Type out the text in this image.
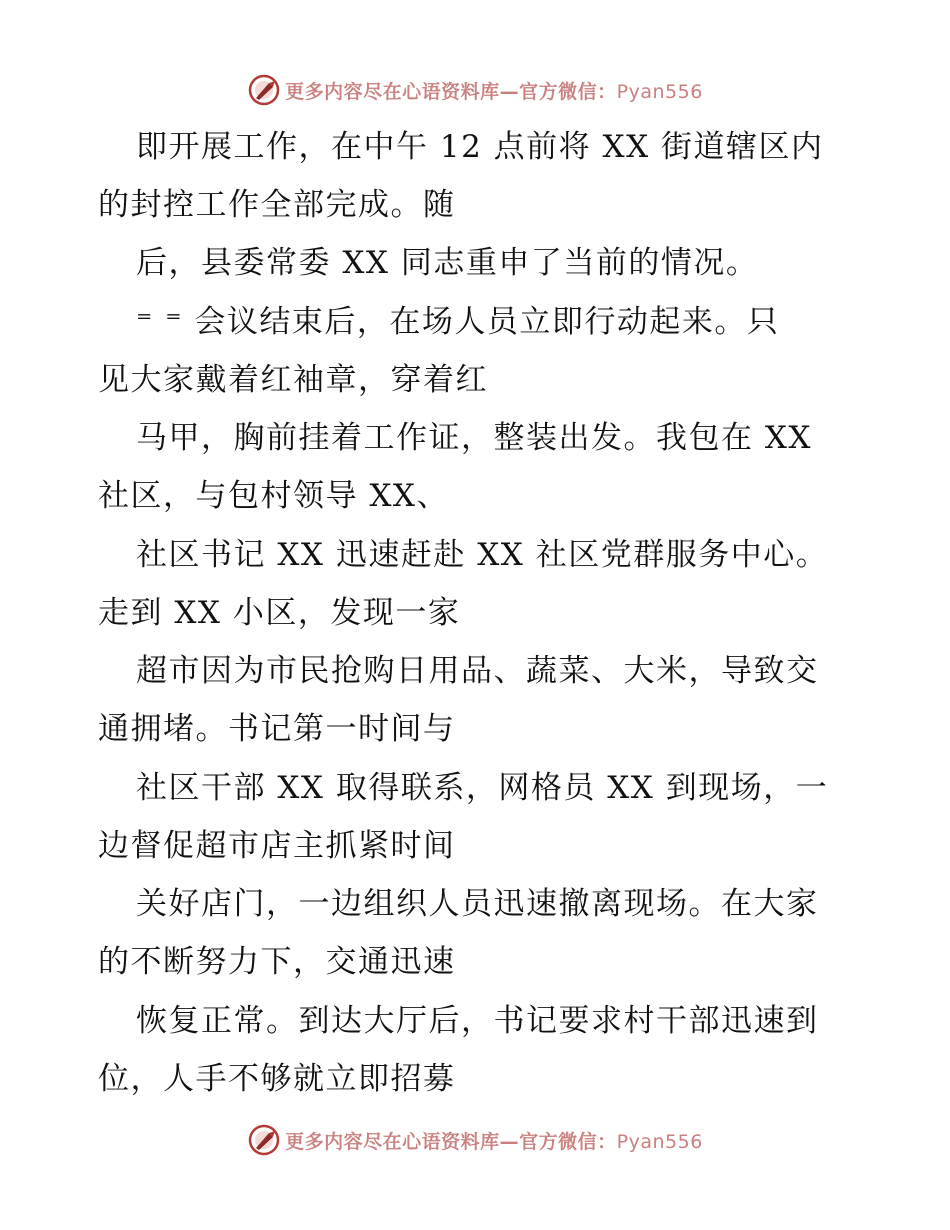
更多内容尽在心语资料库—官方微信：Pyan556
即开展工作，在中午 12 点前将 XX 街道辖区内
的封控工作全部完成。随
后，县委常委 XX 同志重申了当前的情况。
⁼ ⁼ 会议结束后，在场人员立即行动起来。只
见大家戴着红袖章，穿着红
马甲，胸前挂着工作证，整装出发。我包在 XX
社区，与包村领导 XX、
社区书记 XX 迅速赶赴 XX 社区党群服务中心。
走到 XX 小区，发现一家
超市因为市民抢购日用品、蔬菜、大米，导致交
通拥堵。书记第一时间与
社区干部 XX 取得联系，网格员 XX 到现场，一
边督促超市店主抓紧时间
关好店门，一边组织人员迅速撤离现场。在大家
的不断努力下，交通迅速
恢复正常。到达大厅后，书记要求村干部迅速到
位，人手不够就立即招募
更多内容尽在心语资料库—官方微信：Pyan556
